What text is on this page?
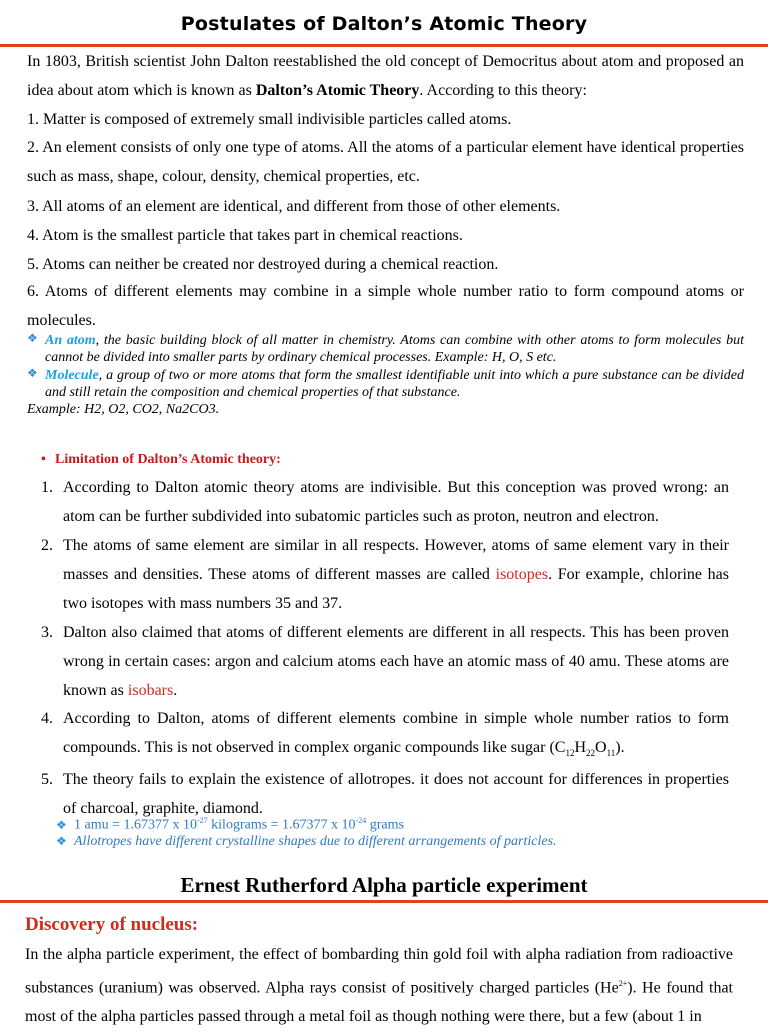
Postulates of Dalton’s Atomic Theory

In 1803, British scientist John Dalton reestablished the old concept of Democritus about atom and proposed an idea about atom which is known as Dalton’s Atomic Theory. According to this theory:

1. Matter is composed of extremely small indivisible particles called atoms.

2. An element consists of only one type of atoms. All the atoms of a particular element have identical properties such as mass, shape, colour, density, chemical properties, etc.

3. All atoms of an element are identical, and different from those of other elements.

4. Atom is the smallest particle that takes part in chemical reactions.

5. Atoms can neither be created nor destroyed during a chemical reaction.

6. Atoms of different elements may combine in a simple whole number ratio to form compound atoms or molecules.

❖ An atom, the basic building block of all matter in chemistry. Atoms can combine with other atoms to form molecules but cannot be divided into smaller parts by ordinary chemical processes. Example: H, O, S etc.
❖ Molecule, a group of two or more atoms that form the smallest identifiable unit into which a pure substance can be divided and still retain the composition and chemical properties of that substance.
Example: H2, O2, CO2, Na2CO3.
• Limitation of Dalton’s Atomic theory:
1. According to Dalton atomic theory atoms are indivisible. But this conception was proved wrong: an atom can be further subdivided into subatomic particles such as proton, neutron and electron.
2. The atoms of same element are similar in all respects. However, atoms of same element vary in their masses and densities. These atoms of different masses are called isotopes. For example, chlorine has two isotopes with mass numbers 35 and 37.
3. Dalton also claimed that atoms of different elements are different in all respects. This has been proven wrong in certain cases: argon and calcium atoms each have an atomic mass of 40 amu. These atoms are known as isobars.
4. According to Dalton, atoms of different elements combine in simple whole number ratios to form compounds. This is not observed in complex organic compounds like sugar $(C_{12}H_{22}O_{11})$.
5. The theory fails to explain the existence of allotropes. it does not account for differences in properties of charcoal, graphite, diamond.
❖ 1 amu = 1.67377 x $10^{-27}$ kilograms = 1.67377 x $10^{-24}$ grams
❖ Allotropes have different crystalline shapes due to different arrangements of particles.
Ernest Rutherford Alpha particle experiment
Discovery of nucleus:

In the alpha particle experiment, the effect of bombarding thin gold foil with alpha radiation from radioactive substances (uranium) was observed. Alpha rays consist of positively charged particles $(He^{2+})$. He found that most of the alpha particles passed through a metal foil as though nothing were there, but a few (about 1 in
